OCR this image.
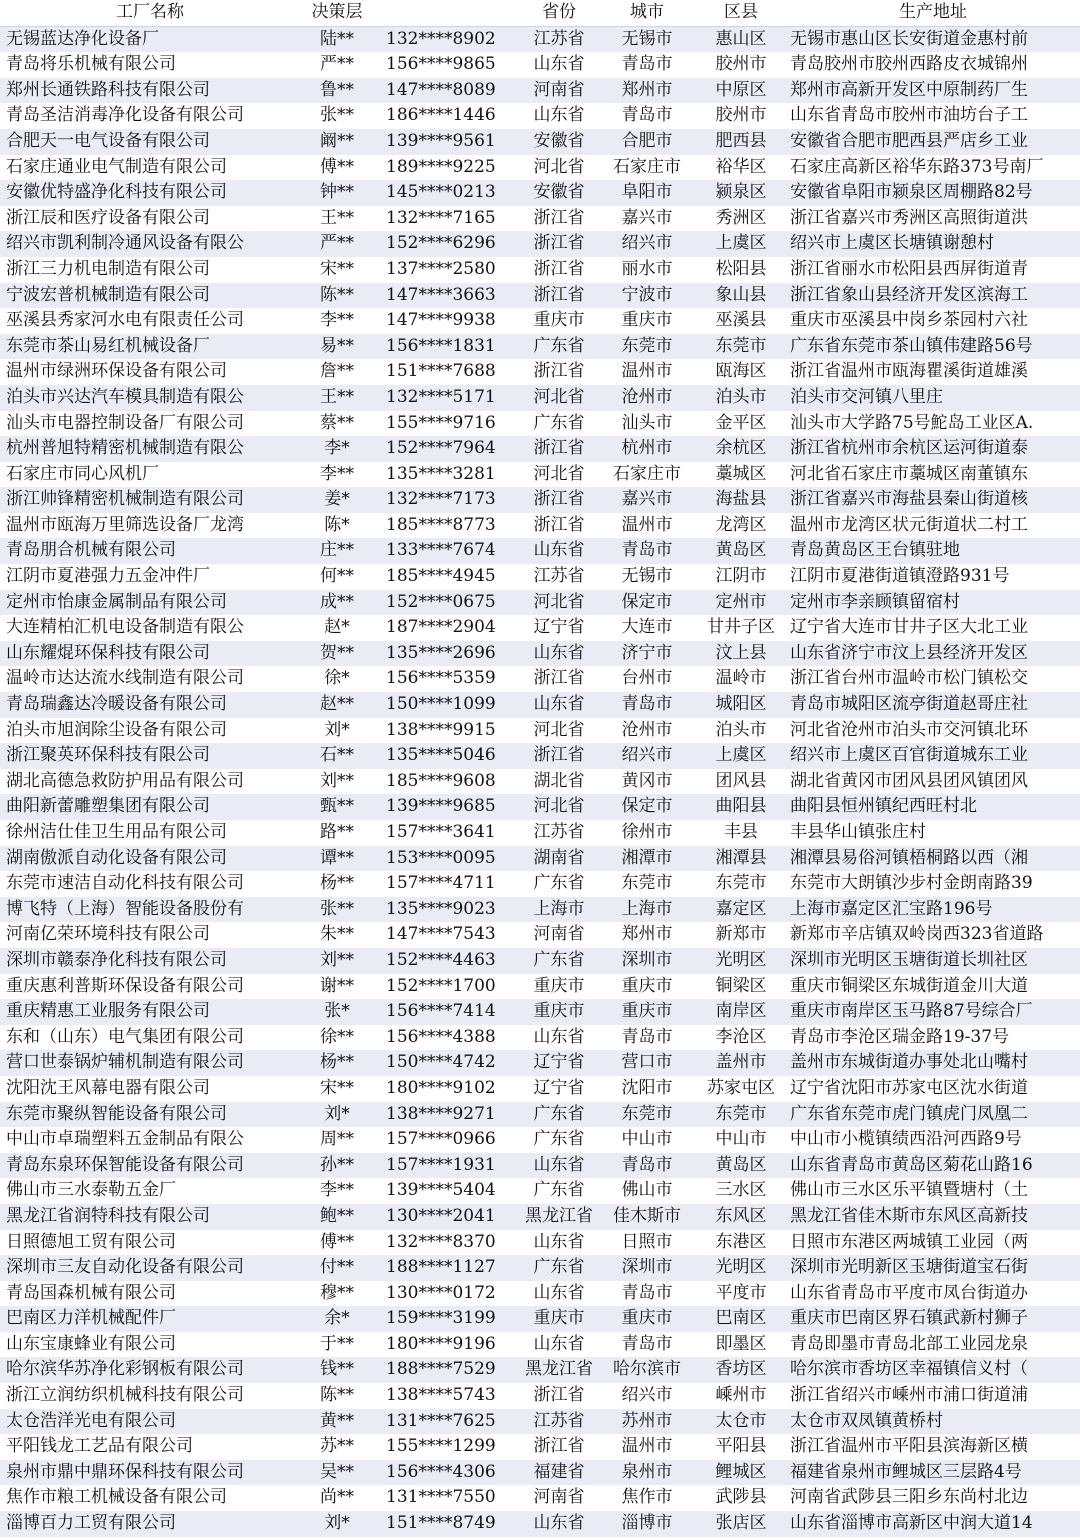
工厂名称	决策层		省份	城市	区县	生产地址
无锡蓝达净化设备厂	陆**	132****8902	江苏省	无锡市	惠山区	无锡市惠山区长安街道金惠村前
青岛将乐机械有限公司	严**	156****9865	山东省	青岛市	胶州市	青岛胶州市胶州西路皮衣城锦州
郑州长通铁路科技有限公司	鲁**	147****8089	河南省	郑州市	中原区	郑州市高新开发区中原制药厂生
青岛圣洁消毒净化设备有限公司	张**	186****1446	山东省	青岛市	胶州市	山东省青岛市胶州市油坊台子工
合肥天一电气设备有限公司	阚**	139****9561	安徽省	合肥市	肥西县	安徽省合肥市肥西县严店乡工业
石家庄通业电气制造有限公司	傅**	189****9225	河北省	石家庄市	裕华区	石家庄高新区裕华东路373号南厂
安徽优特盛净化科技有限公司	钟**	145****0213	安徽省	阜阳市	颍泉区	安徽省阜阳市颍泉区周棚路82号
浙江辰和医疗设备有限公司	王**	132****7165	浙江省	嘉兴市	秀洲区	浙江省嘉兴市秀洲区高照街道洪
绍兴市凯利制冷通风设备有限公	严**	152****6296	浙江省	绍兴市	上虞区	绍兴市上虞区长塘镇谢憩村
浙江三力机电制造有限公司	宋**	137****2580	浙江省	丽水市	松阳县	浙江省丽水市松阳县西屏街道青
宁波宏普机械制造有限公司	陈**	147****3663	浙江省	宁波市	象山县	浙江省象山县经济开发区滨海工
巫溪县秀家河水电有限责任公司	李**	147****9938	重庆市	重庆市	巫溪县	重庆市巫溪县中岗乡茶园村六社
东莞市茶山易红机械设备厂	易**	156****1831	广东省	东莞市	东莞市	广东省东莞市茶山镇伟建路56号
温州市绿洲环保设备有限公司	詹**	151****7688	浙江省	温州市	瓯海区	浙江省温州市瓯海瞿溪街道雄溪
泊头市兴达汽车模具制造有限公	王**	132****5171	河北省	沧州市	泊头市	泊头市交河镇八里庄
汕头市电器控制设备厂有限公司	蔡**	155****9716	广东省	汕头市	金平区	汕头市大学路75号鮀岛工业区A.
杭州普旭特精密机械制造有限公	李*	152****7964	浙江省	杭州市	余杭区	浙江省杭州市余杭区运河街道泰
石家庄市同心风机厂	李**	135****3281	河北省	石家庄市	藁城区	河北省石家庄市藁城区南董镇东
浙江帅锋精密机械制造有限公司	姜*	132****7173	浙江省	嘉兴市	海盐县	浙江省嘉兴市海盐县秦山街道核
温州市瓯海万里筛选设备厂龙湾	陈*	185****8773	浙江省	温州市	龙湾区	温州市龙湾区状元街道状二村工
青岛朋合机械有限公司	庄**	133****7674	山东省	青岛市	黄岛区	青岛黄岛区王台镇驻地
江阴市夏港强力五金冲件厂	何**	185****4945	江苏省	无锡市	江阴市	江阴市夏港街道镇澄路931号
定州市怡康金属制品有限公司	成**	152****0675	河北省	保定市	定州市	定州市李亲顾镇留宿村
大连精柏汇机电设备制造有限公	赵*	187****2904	辽宁省	大连市	甘井子区	辽宁省大连市甘井子区大北工业
山东耀焜环保科技有限公司	贺**	135****2696	山东省	济宁市	汶上县	山东省济宁市汶上县经济开发区
温岭市达达流水线制造有限公司	徐*	156****5359	浙江省	台州市	温岭市	浙江省台州市温岭市松门镇松交
青岛瑞鑫达冷暖设备有限公司	赵**	150****1099	山东省	青岛市	城阳区	青岛市城阳区流亭街道赵哥庄社
泊头市旭润除尘设备有限公司	刘*	138****9915	河北省	沧州市	泊头市	河北省沧州市泊头市交河镇北环
浙江聚英环保科技有限公司	石**	135****5046	浙江省	绍兴市	上虞区	绍兴市上虞区百官街道城东工业
湖北高德急救防护用品有限公司	刘**	185****9608	湖北省	黄冈市	团风县	湖北省黄冈市团风县团风镇团风
曲阳新蕾雕塑集团有限公司	甄**	139****9685	河北省	保定市	曲阳县	曲阳县恒州镇纪西旺村北
徐州洁仕佳卫生用品有限公司	路**	157****3641	江苏省	徐州市	丰县	丰县华山镇张庄村
湖南傲派自动化设备有限公司	谭**	153****0095	湖南省	湘潭市	湘潭县	湘潭县易俗河镇梧桐路以西（湘
东莞市速洁自动化科技有限公司	杨**	157****4711	广东省	东莞市	东莞市	东莞市大朗镇沙步村金朗南路39
博飞特（上海）智能设备股份有	张**	135****9023	上海市	上海市	嘉定区	上海市嘉定区汇宝路196号
河南亿荣环境科技有限公司	朱**	147****7543	河南省	郑州市	新郑市	新郑市辛店镇双岭岗西323省道路
深圳市赣泰净化科技有限公司	刘**	152****4463	广东省	深圳市	光明区	深圳市光明区玉塘街道长圳社区
重庆惠利普斯环保设备有限公司	谢**	152****1700	重庆市	重庆市	铜梁区	重庆市铜梁区东城街道金川大道
重庆精惠工业服务有限公司	张*	156****7414	重庆市	重庆市	南岸区	重庆市南岸区玉马路87号综合厂
东和（山东）电气集团有限公司	徐**	156****4388	山东省	青岛市	李沧区	青岛市李沧区瑞金路19-37号
营口世泰锅炉辅机制造有限公司	杨**	150****4742	辽宁省	营口市	盖州市	盖州市东城街道办事处北山嘴村
沈阳沈王风幕电器有限公司	宋**	180****9102	辽宁省	沈阳市	苏家屯区	辽宁省沈阳市苏家屯区沈水街道
东莞市聚纵智能设备有限公司	刘*	138****9271	广东省	东莞市	东莞市	广东省东莞市虎门镇虎门凤凰二
中山市卓瑞塑料五金制品有限公	周**	157****0966	广东省	中山市	中山市	中山市小榄镇绩西沿河西路9号
青岛东泉环保智能设备有限公司	孙**	157****1931	山东省	青岛市	黄岛区	山东省青岛市黄岛区菊花山路16
佛山市三水泰勒五金厂	李**	139****5404	广东省	佛山市	三水区	佛山市三水区乐平镇暨塘村（土
黑龙江省润特科技有限公司	鲍**	130****2041	黑龙江省	佳木斯市	东风区	黑龙江省佳木斯市东风区高新技
日照德旭工贸有限公司	傅**	132****8370	山东省	日照市	东港区	日照市东港区两城镇工业园（两
深圳市三友自动化设备有限公司	付**	188****1127	广东省	深圳市	光明区	深圳市光明新区玉塘街道宝石街
青岛国森机械有限公司	穆**	130****0172	山东省	青岛市	平度市	山东省青岛市平度市凤台街道办
巴南区力洋机械配件厂	余*	159****3199	重庆市	重庆市	巴南区	重庆市巴南区界石镇武新村狮子
山东宝康蜂业有限公司	于**	180****9196	山东省	青岛市	即墨区	青岛即墨市青岛北部工业园龙泉
哈尔滨华苏净化彩钢板有限公司	钱**	188****7529	黑龙江省	哈尔滨市	香坊区	哈尔滨市香坊区幸福镇信义村（
浙江立润纺织机械科技有限公司	陈**	138****5743	浙江省	绍兴市	嵊州市	浙江省绍兴市嵊州市浦口街道浦
太仓浩洋光电有限公司	黄**	131****7625	江苏省	苏州市	太仓市	太仓市双凤镇黄桥村
平阳钱龙工艺品有限公司	苏**	155****1299	浙江省	温州市	平阳县	浙江省温州市平阳县滨海新区横
泉州市鼎中鼎环保科技有限公司	吴**	156****4306	福建省	泉州市	鲤城区	福建省泉州市鲤城区三层路4号
焦作市粮工机械设备有限公司	尚**	131****7550	河南省	焦作市	武陟县	河南省武陟县三阳乡东尚村北边
淄博百力工贸有限公司	刘*	151****8749	山东省	淄博市	张店区	山东省淄博市高新区中润大道14
